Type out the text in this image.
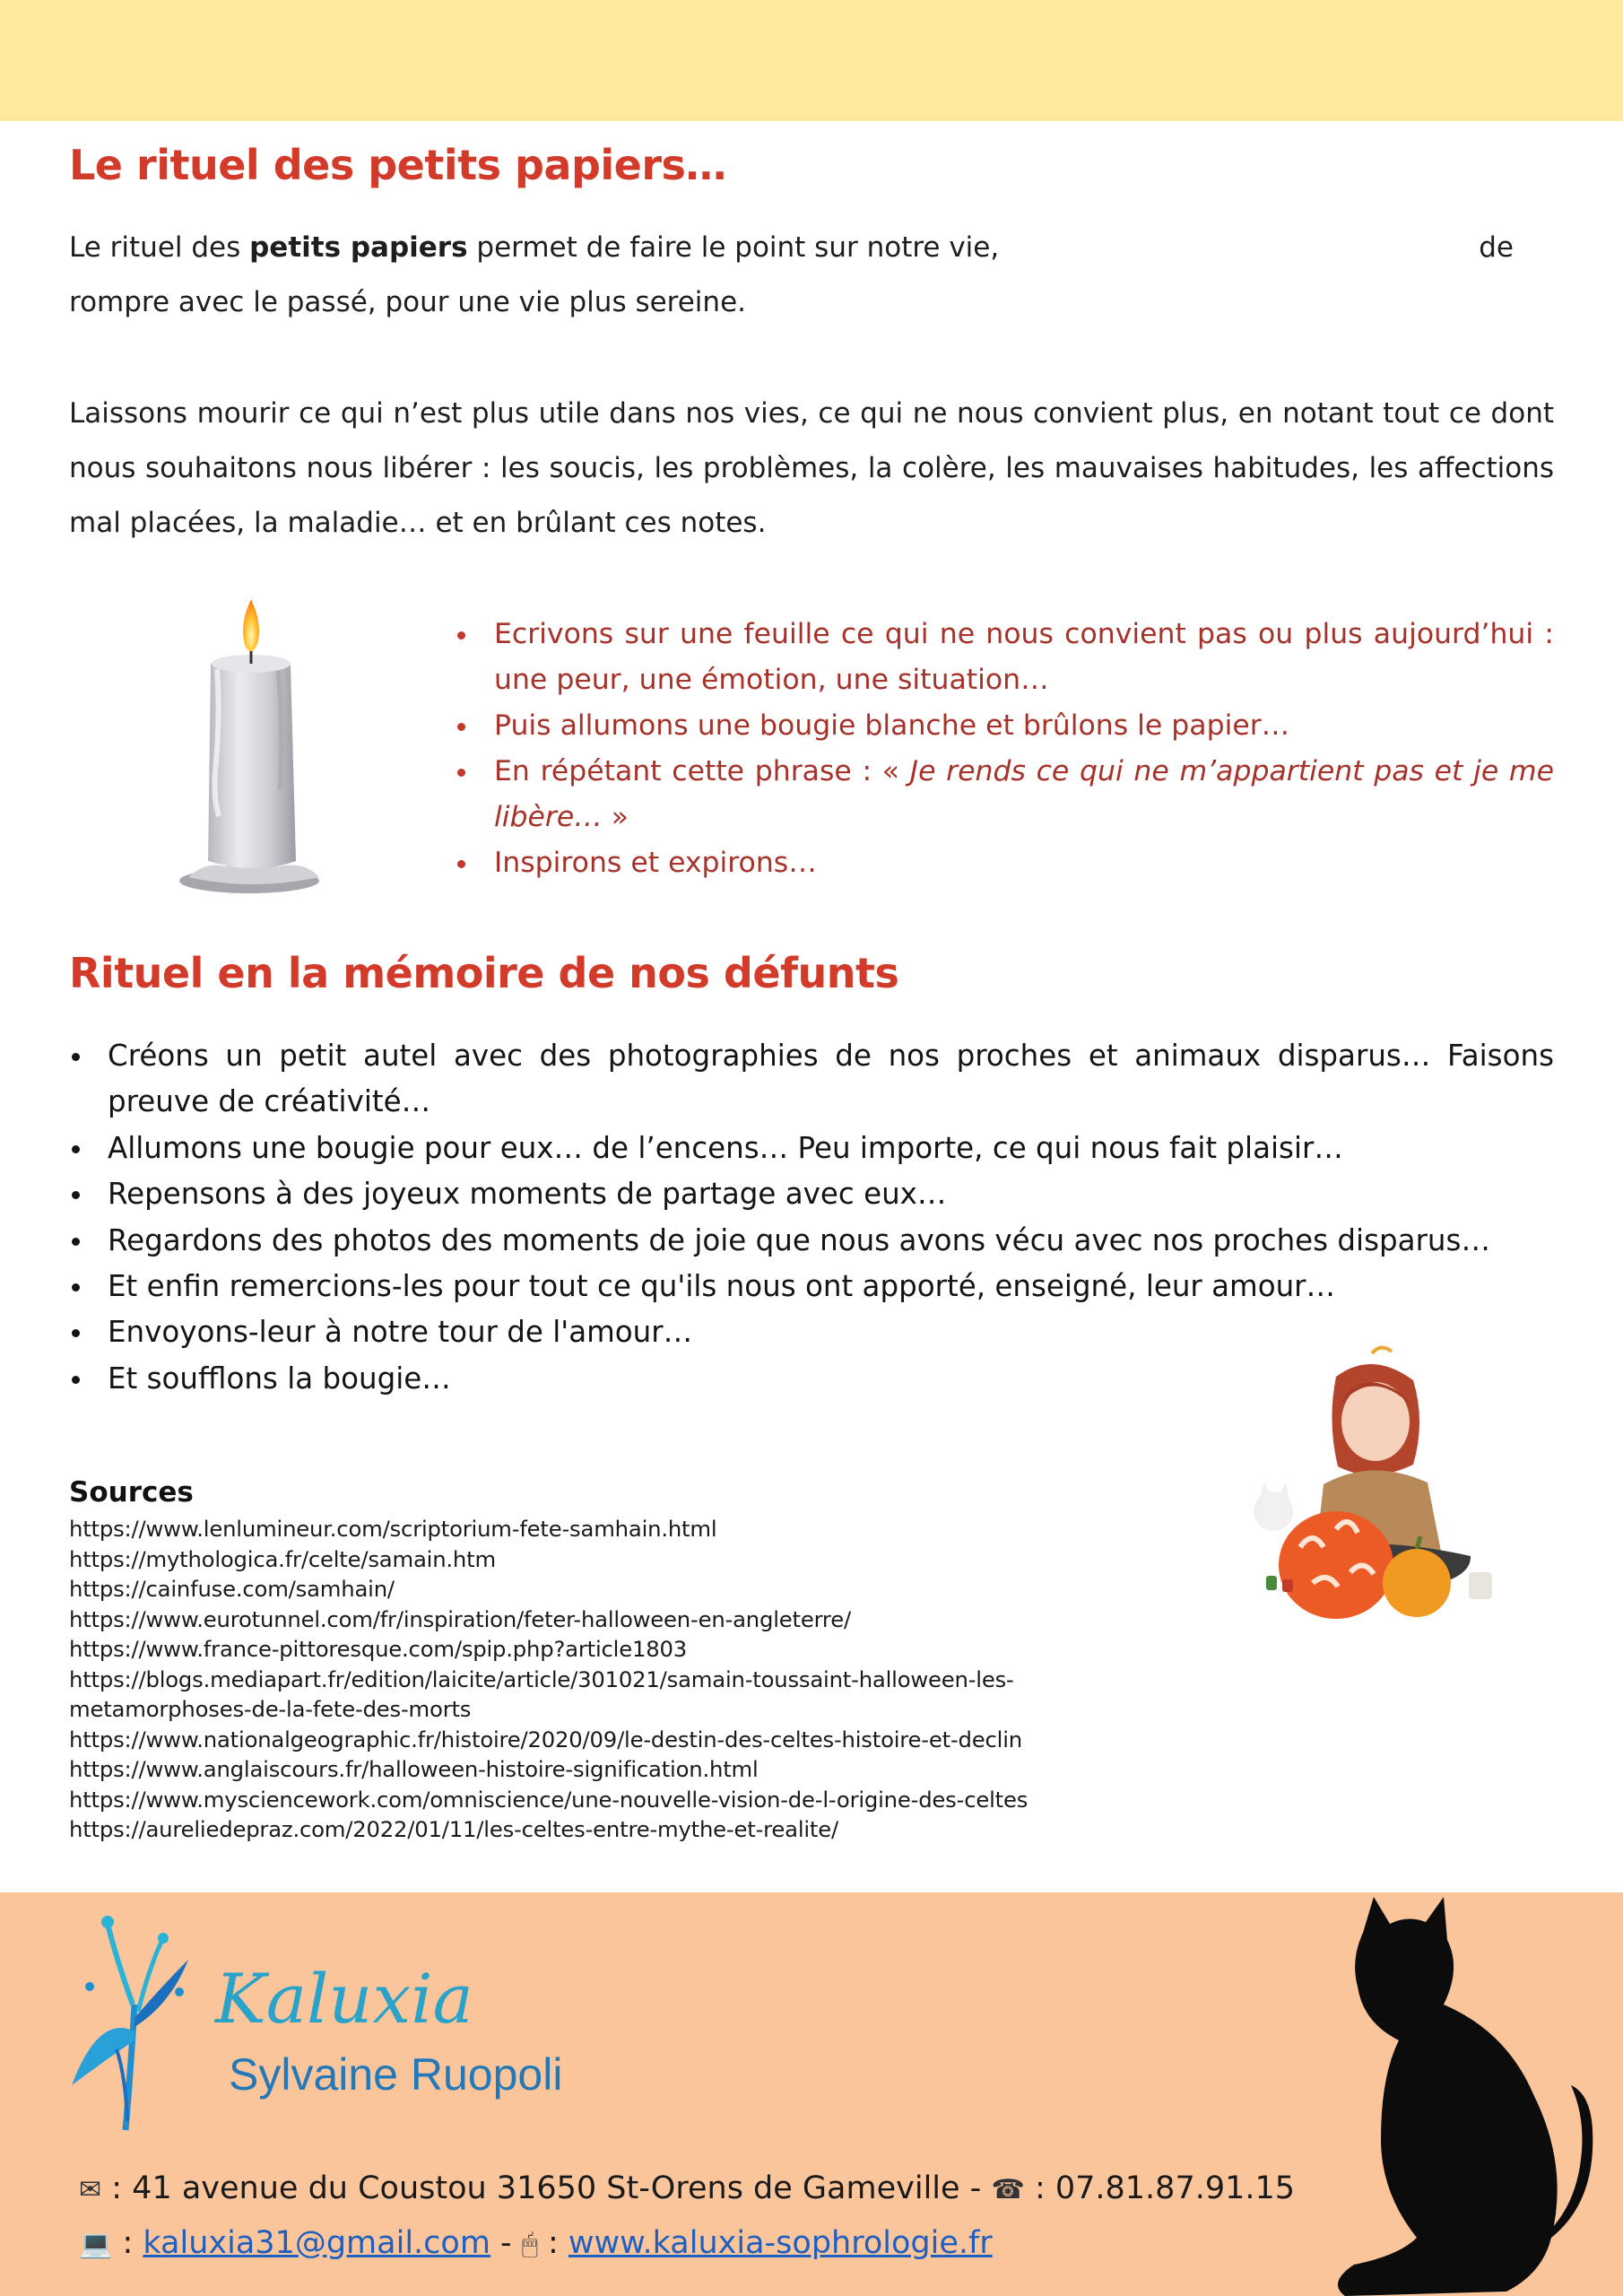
Le rituel des petits papiers…

Le rituel des petits papiers permet de faire le point sur notre vie,	de
rompre avec le passé, pour une vie plus sereine.

Laissons mourir ce qui n’est plus utile dans nos vies, ce qui ne nous convient plus, en notant tout ce dont nous souhaitons nous libérer : les soucis, les problèmes, la colère, les mauvaises habitudes, les affections mal placées, la maladie… et en brûlant ces notes.

Ecrivons sur une feuille ce qui ne nous convient pas ou plus aujourd’hui : une peur, une émotion, une situation…
Puis allumons une bougie blanche et brûlons le papier…
En répétant cette phrase : « Je rends ce qui ne m’appartient pas et je me libère… »
Inspirons et expirons…
Rituel en la mémoire de nos défunts
Créons un petit autel avec des photographies de nos proches et animaux disparus… Faisons preuve de créativité…
Allumons une bougie pour eux… de l’encens… Peu importe, ce qui nous fait plaisir…
Repensons à des joyeux moments de partage avec eux…
Regardons des photos des moments de joie que nous avons vécu avec nos proches disparus…
Et enfin remercions-les pour tout ce qu'ils nous ont apporté, enseigné, leur amour…
Envoyons-leur à notre tour de l'amour…
Et soufflons la bougie…
Sources
https://www.lenlumineur.com/scriptorium-fete-samhain.html
https://mythologica.fr/celte/samain.htm
https://cainfuse.com/samhain/
https://www.eurotunnel.com/fr/inspiration/feter-halloween-en-angleterre/
https://www.france-pittoresque.com/spip.php?article1803
https://blogs.mediapart.fr/edition/laicite/article/301021/samain-toussaint-halloween-les-
metamorphoses-de-la-fete-des-morts
https://www.nationalgeographic.fr/histoire/2020/09/le-destin-des-celtes-histoire-et-declin
https://www.anglaiscours.fr/halloween-histoire-signification.html
https://www.mysciencework.com/omniscience/une-nouvelle-vision-de-l-origine-des-celtes
https://aureliedepraz.com/2022/01/11/les-celtes-entre-mythe-et-realite/
Kaluxia
Sylvaine Ruopoli

✉ : 41 avenue du Coustou 31650 St-Orens de Gameville - ☎ : 07.81.87.91.15

💻 : kaluxia31@gmail.com - 🖱 : www.kaluxia-sophrologie.fr
